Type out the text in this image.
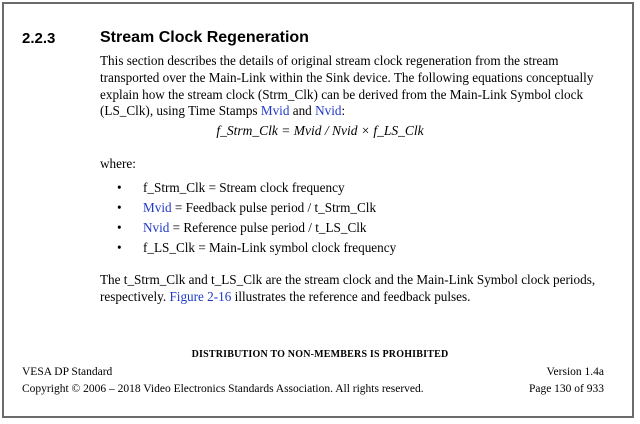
2.2.3	Stream Clock Regeneration

This section describes the details of original stream clock regeneration from the stream transported over the Main-Link within the Sink device. The following equations conceptually explain how the stream clock (Strm_Clk) can be derived from the Main-Link Symbol clock (LS_Clk), using Time Stamps Mvid and Nvid:

f_Strm_Clk = Mvid / Nvid × f_LS_Clk

where:

• f_Strm_Clk = Stream clock frequency
• Mvid = Feedback pulse period / t_Strm_Clk
• Nvid = Reference pulse period / t_LS_Clk
• f_LS_Clk = Main-Link symbol clock frequency

The t_Strm_Clk and t_LS_Clk are the stream clock and the Main-Link Symbol clock periods, respectively. Figure 2-16 illustrates the reference and feedback pulses.

DISTRIBUTION TO NON-MEMBERS IS PROHIBITED
VESA DP Standard
Copyright © 2006 – 2018 Video Electronics Standards Association. All rights reserved.
Version 1.4a
Page 130 of 933
